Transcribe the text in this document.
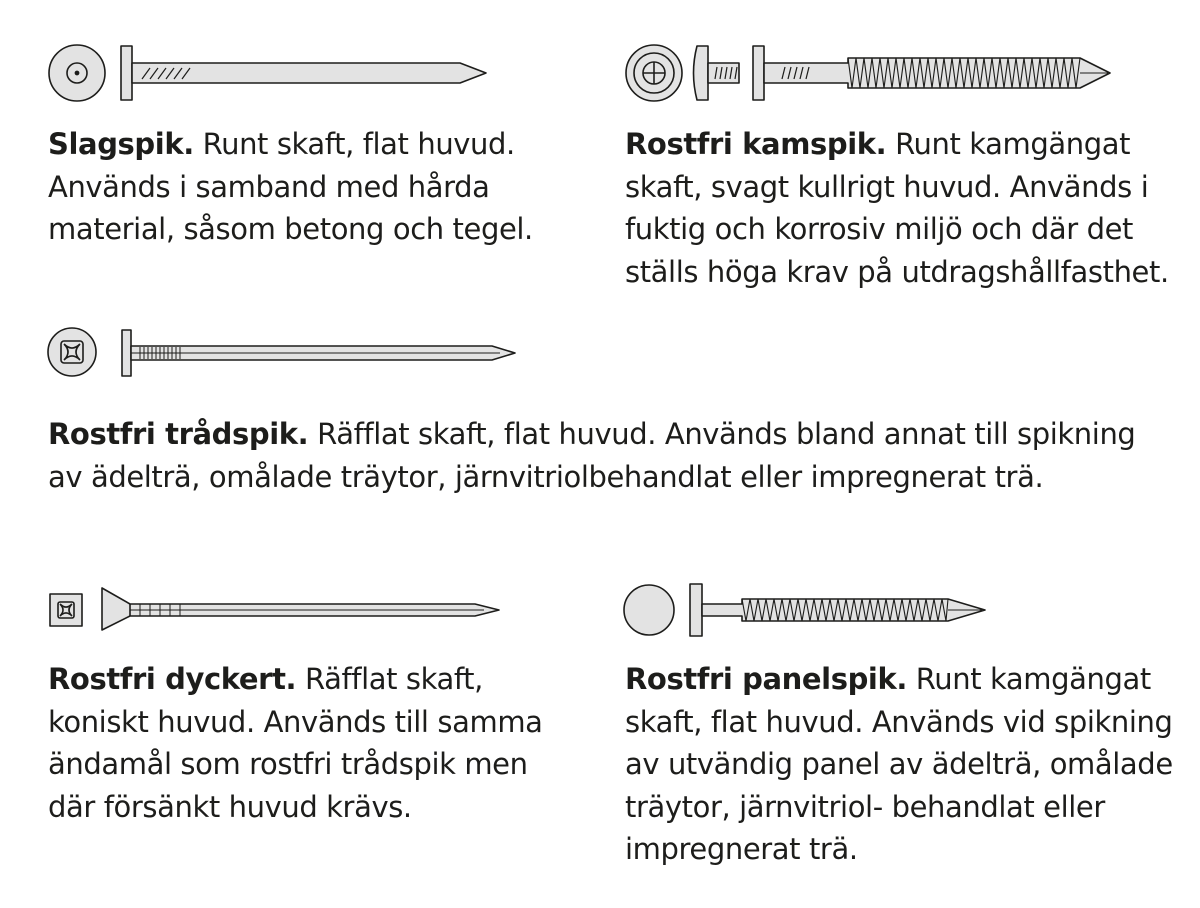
Slagspik. Runt skaft, flat huvud. Används i samband med hårda material, såsom betong och tegel.

Rostfri kamspik. Runt kamgängat skaft, svagt kullrigt huvud. Används i fuktig och korrosiv miljö och där det ställs höga krav på utdragshållfasthet.

Rostfri trådspik. Räfflat skaft, flat huvud. Används bland annat till spikning av ädelträ, omålade träytor, järnvitriolbehandlat eller impregnerat trä.

Rostfri dyckert. Räfflat skaft, koniskt huvud. Används till samma ändamål som rostfri trådspik men där försänkt huvud krävs.

Rostfri panelspik. Runt kamgängat skaft, flat huvud. Används vid spikning av utvändig panel av ädelträ, omålade träytor, järnvitriol- behandlat eller impregnerat trä.
